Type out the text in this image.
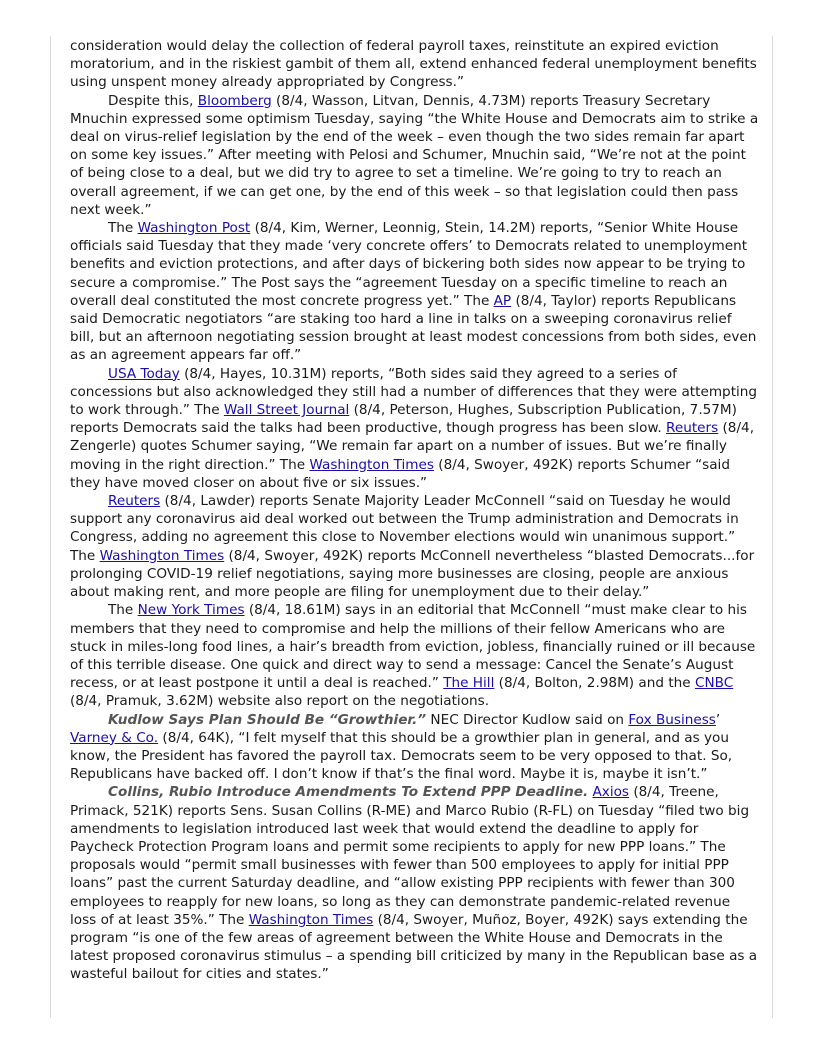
consideration would delay the collection of federal payroll taxes, reinstitute an expired eviction moratorium, and in the riskiest gambit of them all, extend enhanced federal unemployment benefits using unspent money already appropriated by Congress.”

Despite this, Bloomberg (8/4, Wasson, Litvan, Dennis, 4.73M) reports Treasury Secretary Mnuchin expressed some optimism Tuesday, saying “the White House and Democrats aim to strike a deal on virus-relief legislation by the end of the week – even though the two sides remain far apart on some key issues.” After meeting with Pelosi and Schumer, Mnuchin said, “We’re not at the point of being close to a deal, but we did try to agree to set a timeline. We’re going to try to reach an overall agreement, if we can get one, by the end of this week – so that legislation could then pass next week.”

The Washington Post (8/4, Kim, Werner, Leonnig, Stein, 14.2M) reports, “Senior White House officials said Tuesday that they made ‘very concrete offers’ to Democrats related to unemployment benefits and eviction protections, and after days of bickering both sides now appear to be trying to secure a compromise.” The Post says the “agreement Tuesday on a specific timeline to reach an overall deal constituted the most concrete progress yet.” The AP (8/4, Taylor) reports Republicans said Democratic negotiators “are staking too hard a line in talks on a sweeping coronavirus relief bill, but an afternoon negotiating session brought at least modest concessions from both sides, even as an agreement appears far off.”

USA Today (8/4, Hayes, 10.31M) reports, “Both sides said they agreed to a series of concessions but also acknowledged they still had a number of differences that they were attempting to work through.” The Wall Street Journal (8/4, Peterson, Hughes, Subscription Publication, 7.57M) reports Democrats said the talks had been productive, though progress has been slow. Reuters (8/4, Zengerle) quotes Schumer saying, “We remain far apart on a number of issues. But we’re finally moving in the right direction.” The Washington Times (8/4, Swoyer, 492K) reports Schumer “said they have moved closer on about five or six issues.”

Reuters (8/4, Lawder) reports Senate Majority Leader McConnell “said on Tuesday he would support any coronavirus aid deal worked out between the Trump administration and Democrats in Congress, adding no agreement this close to November elections would win unanimous support.” The Washington Times (8/4, Swoyer, 492K) reports McConnell nevertheless “blasted Democrats...for prolonging COVID-19 relief negotiations, saying more businesses are closing, people are anxious about making rent, and more people are filing for unemployment due to their delay.”

The New York Times (8/4, 18.61M) says in an editorial that McConnell “must make clear to his members that they need to compromise and help the millions of their fellow Americans who are stuck in miles-long food lines, a hair’s breadth from eviction, jobless, financially ruined or ill because of this terrible disease. One quick and direct way to send a message: Cancel the Senate’s August recess, or at least postpone it until a deal is reached.” The Hill (8/4, Bolton, 2.98M) and the CNBC (8/4, Pramuk, 3.62M) website also report on the negotiations.

Kudlow Says Plan Should Be “Growthier.” NEC Director Kudlow said on Fox Business’ Varney & Co. (8/4, 64K), “I felt myself that this should be a growthier plan in general, and as you know, the President has favored the payroll tax. Democrats seem to be very opposed to that. So, Republicans have backed off. I don’t know if that’s the final word. Maybe it is, maybe it isn’t.”

Collins, Rubio Introduce Amendments To Extend PPP Deadline. Axios (8/4, Treene, Primack, 521K) reports Sens. Susan Collins (R-ME) and Marco Rubio (R-FL) on Tuesday “filed two big amendments to legislation introduced last week that would extend the deadline to apply for Paycheck Protection Program loans and permit some recipients to apply for new PPP loans.” The proposals would “permit small businesses with fewer than 500 employees to apply for initial PPP loans” past the current Saturday deadline, and “allow existing PPP recipients with fewer than 300 employees to reapply for new loans, so long as they can demonstrate pandemic-related revenue loss of at least 35%.” The Washington Times (8/4, Swoyer, Muñoz, Boyer, 492K) says extending the program “is one of the few areas of agreement between the White House and Democrats in the latest proposed coronavirus stimulus – a spending bill criticized by many in the Republican base as a wasteful bailout for cities and states.”
